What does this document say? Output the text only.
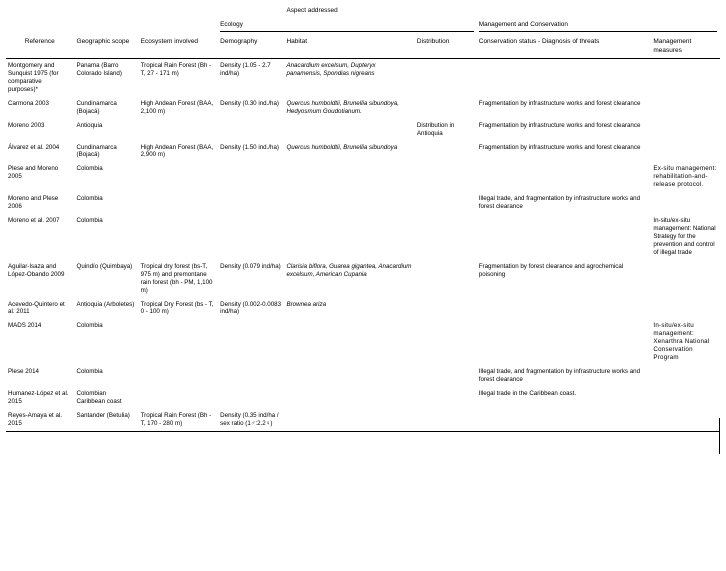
				Aspect addressed			

			Ecology			Management and Conservation	

Reference	Geographic scope	Ecosystem involved	Demography	Habitat	Distribution	Conservation status - Diagnosis of threats	Management measures
Montgomery and Sunquist 1975 (for comparative purposes)*	Panama (Barro Colorado Island)	Tropical Rain Forest (Bh - T, 27 - 171 m)	Density (1.05 - 2.7 ind/ha)	Anacardium excelsum, Dupteryx panamensis, Spondias nigreans			
Carmona 2003	Cundinamarca (Bojacá)	High Andean Forest (BAA, 2,100 m)	Density (0.30 ind./ha)	Quercus humboldtii, Brunellia sibundoya, Hedyosmum Goudotianum.		Fragmentation by infrastructure works and forest clearance	
Moreno 2003	Antioquia				Distribution in Antioquia	Fragmentation by infrastructure works and forest clearance	
Álvarez et al. 2004	Cundinamarca (Bojacá)	High Andean Forest (BAA, 2,900 m)	Density (1.50 ind./ha)	Quercus humboldtii, Brunellia sibundoya		Fragmentation by infrastructure works and forest clearance	
Plese and Moreno 2005	Colombia						Ex-situ management: rehabilitation-and-release protocol.
Moreno and Plese 2006	Colombia					Illegal trade, and fragmentation by infrastructure works and forest clearance	
Moreno et al. 2007	Colombia						In-situ/ex-situ management: National Strategy for the prevention and control of illegal trade
Aguilar-Isaza and López-Obando 2009	Quindío (Quimbaya)	Tropical dry forest (bs-T, 975 m) and premontane rain forest (bh - PM, 1,100 m)	Density (0.079 ind/ha)	Clarisia biflora, Guarea gigantea, Anacardium excelsum, American Cupania		Fragmentation by forest clearance and agrochemical poisoning	
Acevedo-Quintero et al. 2011	Antioquia (Arboletes)	Tropical Dry Forest (bs - T, 0 - 100 m)	Density (0.002-0.0083 ind/ha)	Brownea ariza			
MADS 2014	Colombia						In-situ/ex-situ management: Xenarthra National Conservation Program
Plese 2014	Colombia					Illegal trade, and fragmentation by infrastructure works and forest clearance	
Humanez-López et al. 2015	Colombian Caribbean coast					Illegal trade in the Caribbean coast.	
Reyes-Amaya et al. 2015	Santander (Betulia)	Tropical Rain Forest (Bh - T, 170 - 280 m)	Density (0.35 ind/ha / sex ratio (1♂:2.2♀)				
